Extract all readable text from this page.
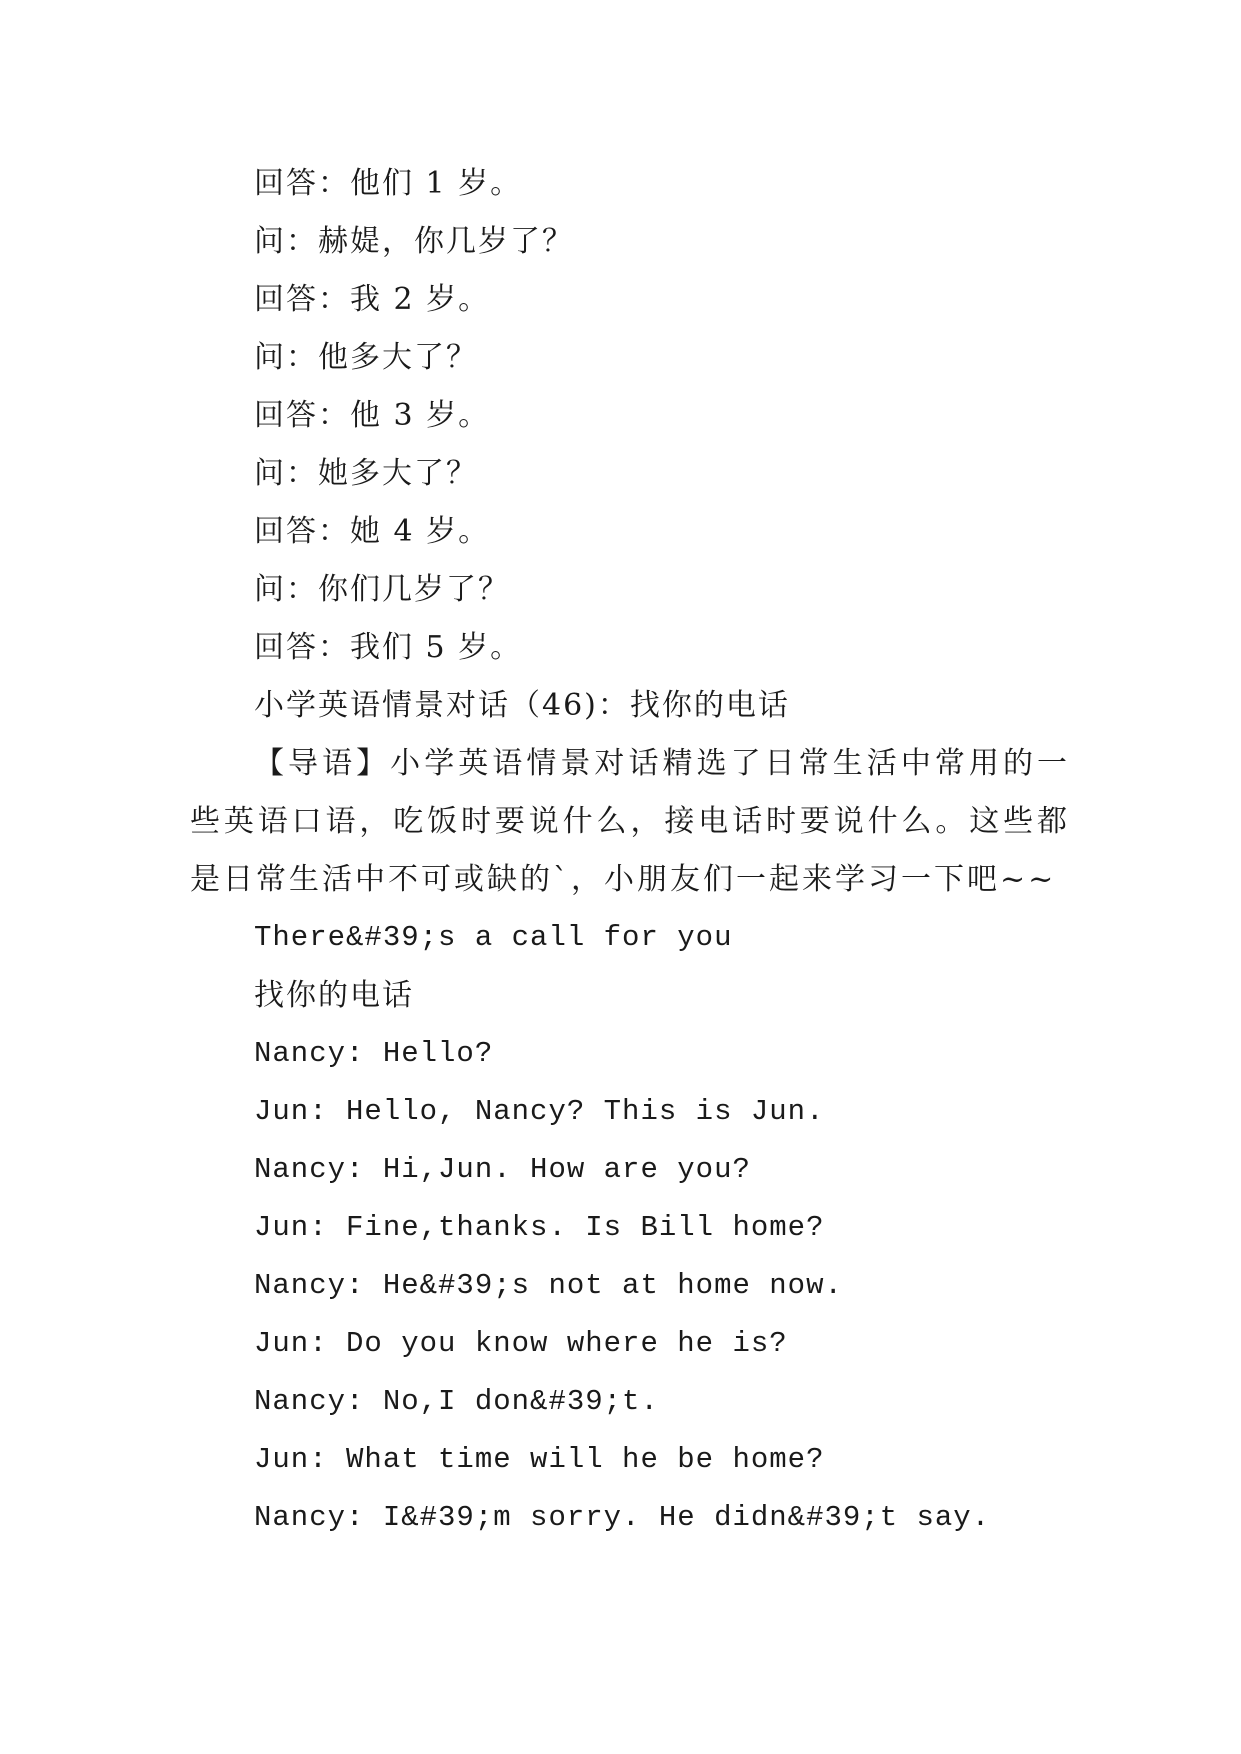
回答：他们 1 岁。
问：赫媞，你几岁了？
回答：我 2 岁。
问：他多大了？
回答：他 3 岁。
问：她多大了？
回答：她 4 岁。
问：你们几岁了？
回答：我们 5 岁。
小学英语情景对话（46)：找你的电话
【导语】小学英语情景对话精选了日常生活中常用的一些英语口语，吃饭时要说什么，接电话时要说什么。这些都是日常生活中不可或缺的`，小朋友们一起来学习一下吧~~
There&#39;s a call for you
找你的电话
Nancy: Hello?
Jun: Hello, Nancy? This is Jun.
Nancy: Hi,Jun. How are you?
Jun: Fine,thanks. Is Bill home?
Nancy: He&#39;s not at home now.
Jun: Do you know where he is?
Nancy: No,I don&#39;t.
Jun: What time will he be home?
Nancy: I&#39;m sorry. He didn&#39;t say.
